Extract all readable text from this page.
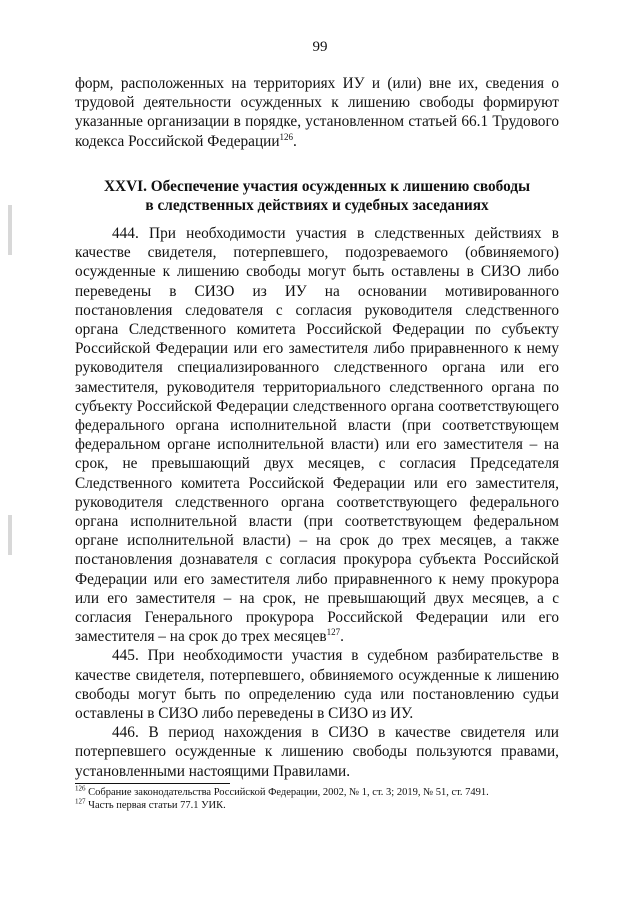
99

форм, расположенных на территориях ИУ и (или) вне их, сведения о трудовой деятельности осужденных к лишению свободы формируют указанные организации в порядке, установленном статьей 66.1 Трудового кодекса Российской Федерации$^{126}$.

XXVI. Обеспечение участия осужденных к лишению свободы
в следственных действиях и судебных заседаниях

444. При необходимости участия в следственных действиях в качестве свидетеля, потерпевшего, подозреваемого (обвиняемого) осужденные к лишению свободы могут быть оставлены в СИЗО либо переведены в СИЗО из ИУ на основании мотивированного постановления следователя с согласия руководителя следственного органа Следственного комитета Российской Федерации по субъекту Российской Федерации или его заместителя либо приравненного к нему руководителя специализированного следственного органа или его заместителя, руководителя территориального следственного органа по субъекту Российской Федерации следственного органа соответствующего федерального органа исполнительной власти (при соответствующем федеральном органе исполнительной власти) или его заместителя – на срок, не превышающий двух месяцев, с согласия Председателя Следственного комитета Российской Федерации или его заместителя, руководителя следственного органа соответствующего федерального органа исполнительной власти (при соответствующем федеральном органе исполнительной власти) – на срок до трех месяцев, а также постановления дознавателя с согласия прокурора субъекта Российской Федерации или его заместителя либо приравненного к нему прокурора или его заместителя – на срок, не превышающий двух месяцев, а с согласия Генерального прокурора Российской Федерации или его заместителя – на срок до трех месяцев$^{127}$.

445. При необходимости участия в судебном разбирательстве в качестве свидетеля, потерпевшего, обвиняемого осужденные к лишению свободы могут быть по определению суда или постановлению судьи оставлены в СИЗО либо переведены в СИЗО из ИУ.

446. В период нахождения в СИЗО в качестве свидетеля или потерпевшего осужденные к лишению свободы пользуются правами, установленными настоящими Правилами.

$^{126}$ Собрание законодательства Российской Федерации, 2002, № 1, ст. 3; 2019, № 51, ст. 7491.
$^{127}$ Часть первая статьи 77.1 УИК.
